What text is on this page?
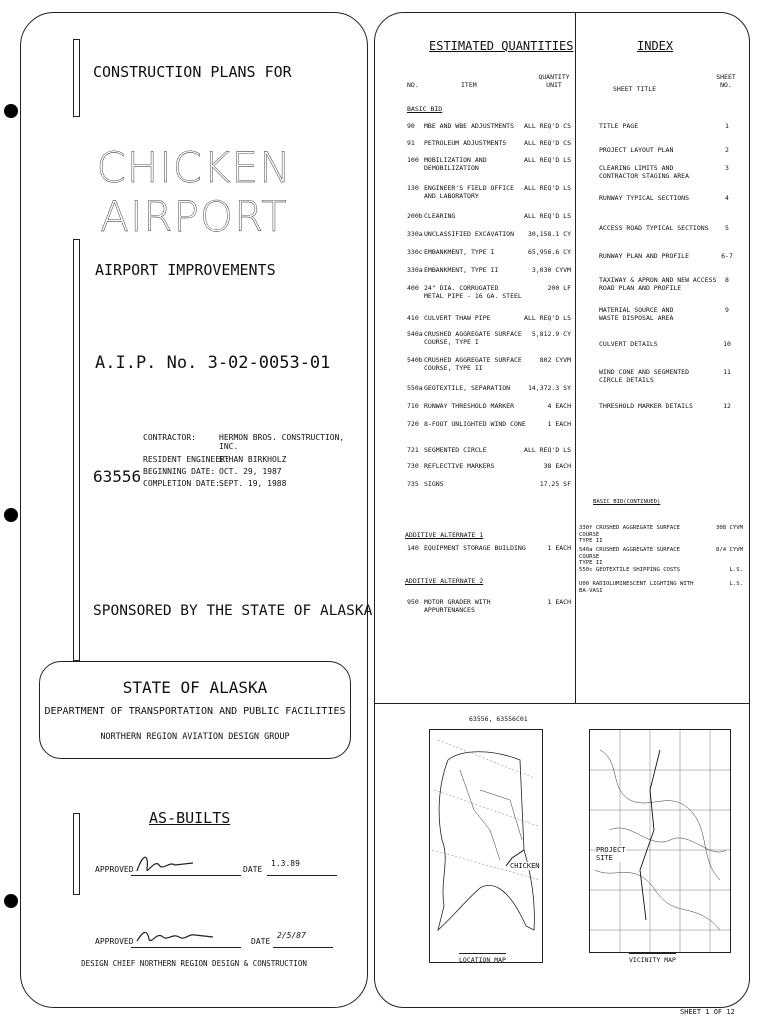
CONSTRUCTION PLANS FOR
CHICKEN AIRPORT
AIRPORT IMPROVEMENTS
A.I.P. No. 3-02-0053-01
63556
CONTRACTOR:	HERMON BROS. CONSTRUCTION, INC.
RESIDENT ENGINEER:
ETHAN BIRKHOLZ
BEGINNING DATE: OCT. 29, 1987
COMPLETION DATE:
SEPT. 19, 1988
SPONSORED BY THE STATE OF ALASKA
STATE OF ALASKA
DEPARTMENT OF TRANSPORTATION AND PUBLIC FACILITIES
NORTHERN REGION AVIATION DESIGN GROUP
AS-BUILTS
APPROVED	DATE
1.3.89
APPROVED	DATE
2/5/87
DESIGN CHIEF NORTHERN REGION DESIGN & CONSTRUCTION
ESTIMATED QUANTITIES
NO.	ITEM
QUANTITY
UNIT
BASIC BID
90	MBE AND WBE ADJUSTMENTS	ALL REQ'D CS
91	PETROLEUM ADJUSTMENTS	ALL REQ'D CS
100 MOBILIZATION AND
DEMOBILIZATION
ALL REQ'D LS
130 ENGINEER'S FIELD OFFICE
AND LABORATORY
ALL REQ'D LS
200b CLEARING	ALL REQ'D LS
330a UNCLASSIFIED EXCAVATION	30,158.1 CY
330c EMBANKMENT, TYPE I	65,956.6 CY
330a EMBANKMENT, TYPE II	3,030 CYVM
400 24" DIA. CORRUGATED
METAL PIPE - 16 GA. STEEL
200 LF
410 CULVERT THAW PIPE	ALL REQ'D LS
540a CRUSHED AGGREGATE SURFACE
COURSE, TYPE I
5,812.9 CY
540b CRUSHED AGGREGATE SURFACE
COURSE, TYPE II
802 CYVM
550a GEOTEXTILE, SEPARATION	14,372.3 SY
710 RUNWAY THRESHOLD MARKER	4 EACH
720 8-FOOT UNLIGHTED WIND CONE	1 EACH
721 SEGMENTED CIRCLE	ALL REQ'D LS
730 REFLECTIVE MARKERS	38 EACH
735 SIGNS	17.25 SF
ADDITIVE ALTERNATE 1
140 EQUIPMENT STORAGE BUILDING	1 EACH
ADDITIVE ALTERNATE 2
950 MOTOR GRADER WITH
APPURTENANCES
1 EACH
INDEX
SHEET TITLE
SHEET
NO.
TITLE PAGE	1
PROJECT LAYOUT PLAN	2
CLEARING LIMITS AND
CONTRACTOR STAGING AREA
3
RUNWAY TYPICAL SECTIONS	4
ACCESS ROAD TYPICAL SECTIONS	5
RUNWAY PLAN AND PROFILE	6-7
TAXIWAY & APRON AND NEW ACCESS
ROAD PLAN AND PROFILE
8
MATERIAL SOURCE AND
WASTE DISPOSAL AREA
9
CULVERT DETAILS	10
WIND CONE AND SEGMENTED
CIRCLE DETAILS
11
THRESHOLD MARKER DETAILS	12
BASIC BID(CONTINUED)
330f CRUSHED AGGREGATE SURFACE COURSE
TYPE II
308 CYVM
540a CRUSHED AGGREGATE SURFACE COURSE
TYPE II
8/4 CYVM
550c GEOTEXTILE SHIPPING COSTS	L.S.
U00 RADIOLUMINESCENT LIGHTING WITH
BA-VASI
L.S.
63556, 63556C01
CHICKEN
LOCATION MAP
PROJECT
SITE
VICINITY MAP
SHEET 1 OF 12
